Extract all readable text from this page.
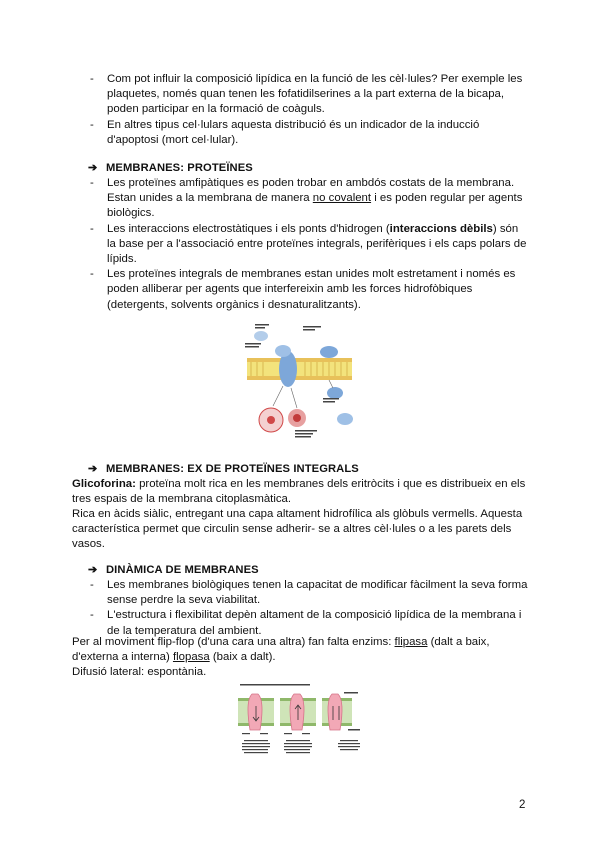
- Com pot influir la composició lipídica en la funció de les cèl·lules? Per exemple les plaquetes, només quan tenen les fofatidilserines a la part externa de la bicapa, poden participar en la formació de coàguls.
- En altres tipus cel·lulars aquesta distribució és un indicador de la inducció d'apoptosi (mort cel·lular).
➔ MEMBRANES: PROTEÏNES
- Les proteïnes amfipàtiques es poden trobar en ambdós costats de la membrana. Estan unides a la membrana de manera no covalent i es poden regular per agents biològics.
- Les interaccions electrostàtiques i els ponts d'hidrogen (interaccions dèbils) són la base per a l'associació entre proteïnes integrals, perifèriques i els caps polars de lípids.
- Les proteïnes integrals de membranes estan unides molt estretament i només es poden alliberar per agents que interfereixin amb les forces hidrofòbiques (detergents, solvents orgànics i desnaturalitzants).
➔ MEMBRANES: EX DE PROTEÏNES INTEGRALS

Glicoforina: proteïna molt rica en les membranes dels eritròcits i que es distribueix en els tres espais de la membrana citoplasmàtica.

Rica en àcids siàlic, entregant una capa altament hidrofílica als glòbuls vermells. Aquesta característica permet que circulin sense adherir- se a altres cèl·lules o a les parets dels vasos.

➔ DINÀMICA DE MEMBRANES
- Les membranes biològiques tenen la capacitat de modificar fàcilment la seva forma sense perdre la seva viabilitat.
- L'estructura i flexibilitat depèn altament de la composició lipídica de la membrana i de la temperatura del ambient.

Per al moviment flip-flop (d'una cara una altra) fan falta enzims: flipasa (dalt a baix, d'externa a interna) flopasa (baix a dalt).

Difusió lateral: espontània.

2
